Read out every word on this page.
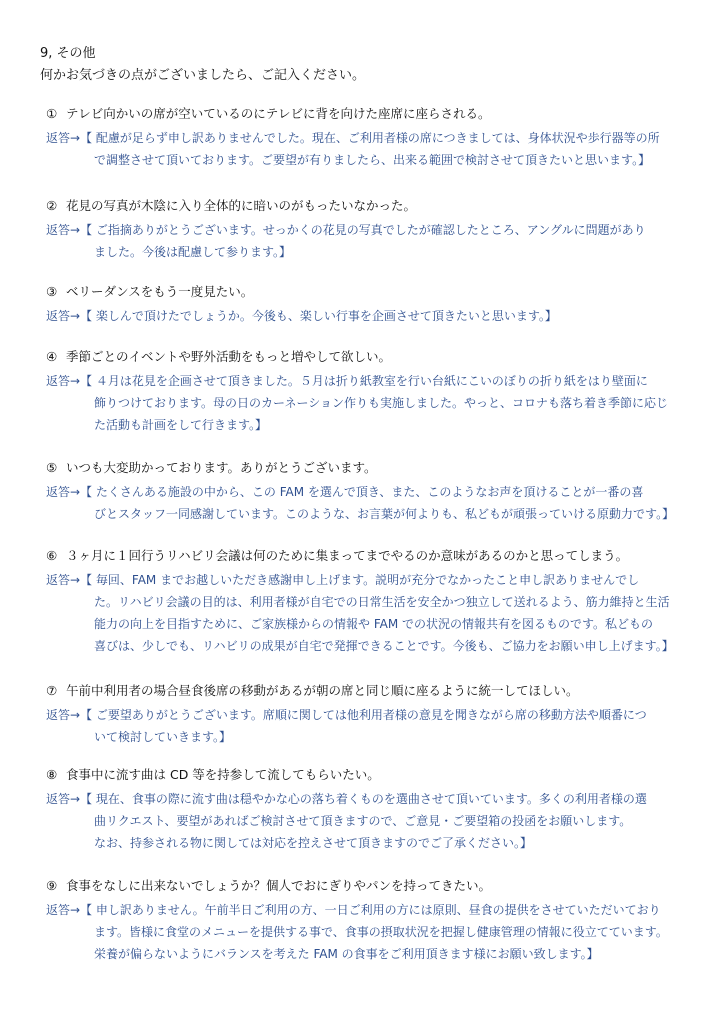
9, その他
何かお気づきの点がございましたら、ご記入ください。
① テレビ向かいの席が空いているのにテレビに背を向けた座席に座らされる。
返答→【 配慮が足らず申し訳ありませんでした。現在、ご利用者様の席につきましては、身体状況や歩行器等の所
で調整させて頂いております。ご要望が有りましたら、出来る範囲で検討させて頂きたいと思います。】
② 花見の写真が木陰に入り全体的に暗いのがもったいなかった。
返答→【 ご指摘ありがとうございます。せっかくの花見の写真でしたが確認したところ、アングルに問題があり
ました。今後は配慮して参ります。】
③ ベリーダンスをもう一度見たい。
返答→【 楽しんで頂けたでしょうか。今後も、楽しい行事を企画させて頂きたいと思います。】
④ 季節ごとのイベントや野外活動をもっと増やして欲しい。
返答→【 ４月は花見を企画させて頂きました。５月は折り紙教室を行い台紙にこいのぼりの折り紙をはり壁面に
飾りつけております。母の日のカーネーション作りも実施しました。やっと、コロナも落ち着き季節に応じ
た活動も計画をして行きます。】
⑤ いつも大変助かっております。ありがとうございます。
返答→【 たくさんある施設の中から、この FAM を選んで頂き、また、このようなお声を頂けることが一番の喜
びとスタッフ一同感謝しています。このような、お言葉が何よりも、私どもが頑張っていける原動力です。】
⑥ ３ヶ月に１回行うリハビリ会議は何のために集まってまでやるのか意味があるのかと思ってしまう。
返答→【 毎回、FAM までお越しいただき感謝申し上げます。説明が充分でなかったこと申し訳ありませんでし
た。リハビリ会議の目的は、利用者様が自宅での日常生活を安全かつ独立して送れるよう、筋力維持と生活
能力の向上を目指すために、ご家族様からの情報や FAM での状況の情報共有を図るものです。私どもの
喜びは、少しでも、リハビリの成果が自宅で発揮できることです。今後も、ご協力をお願い申し上げます。】
⑦ 午前中利用者の場合昼食後席の移動があるが朝の席と同じ順に座るように統一してほしい。
返答→【 ご要望ありがとうございます。席順に関しては他利用者様の意見を聞きながら席の移動方法や順番につ
いて検討していきます。】
⑧ 食事中に流す曲は CD 等を持参して流してもらいたい。
返答→【 現在、食事の際に流す曲は穏やかな心の落ち着くものを選曲させて頂いています。多くの利用者様の選
曲リクエスト、要望があればご検討させて頂きますので、ご意見・ご要望箱の投函をお願いします。
なお、持参される物に関しては対応を控えさせて頂きますのでご了承ください。】
⑨ 食事をなしに出来ないでしょうか？個人でおにぎりやパンを持ってきたい。
返答→【 申し訳ありません。午前半日ご利用の方、一日ご利用の方には原則、昼食の提供をさせていただいており
ます。皆様に食堂のメニューを提供する事で、食事の摂取状況を把握し健康管理の情報に役立てています。
栄養が偏らないようにバランスを考えた FAM の食事をご利用頂きます様にお願い致します。】
